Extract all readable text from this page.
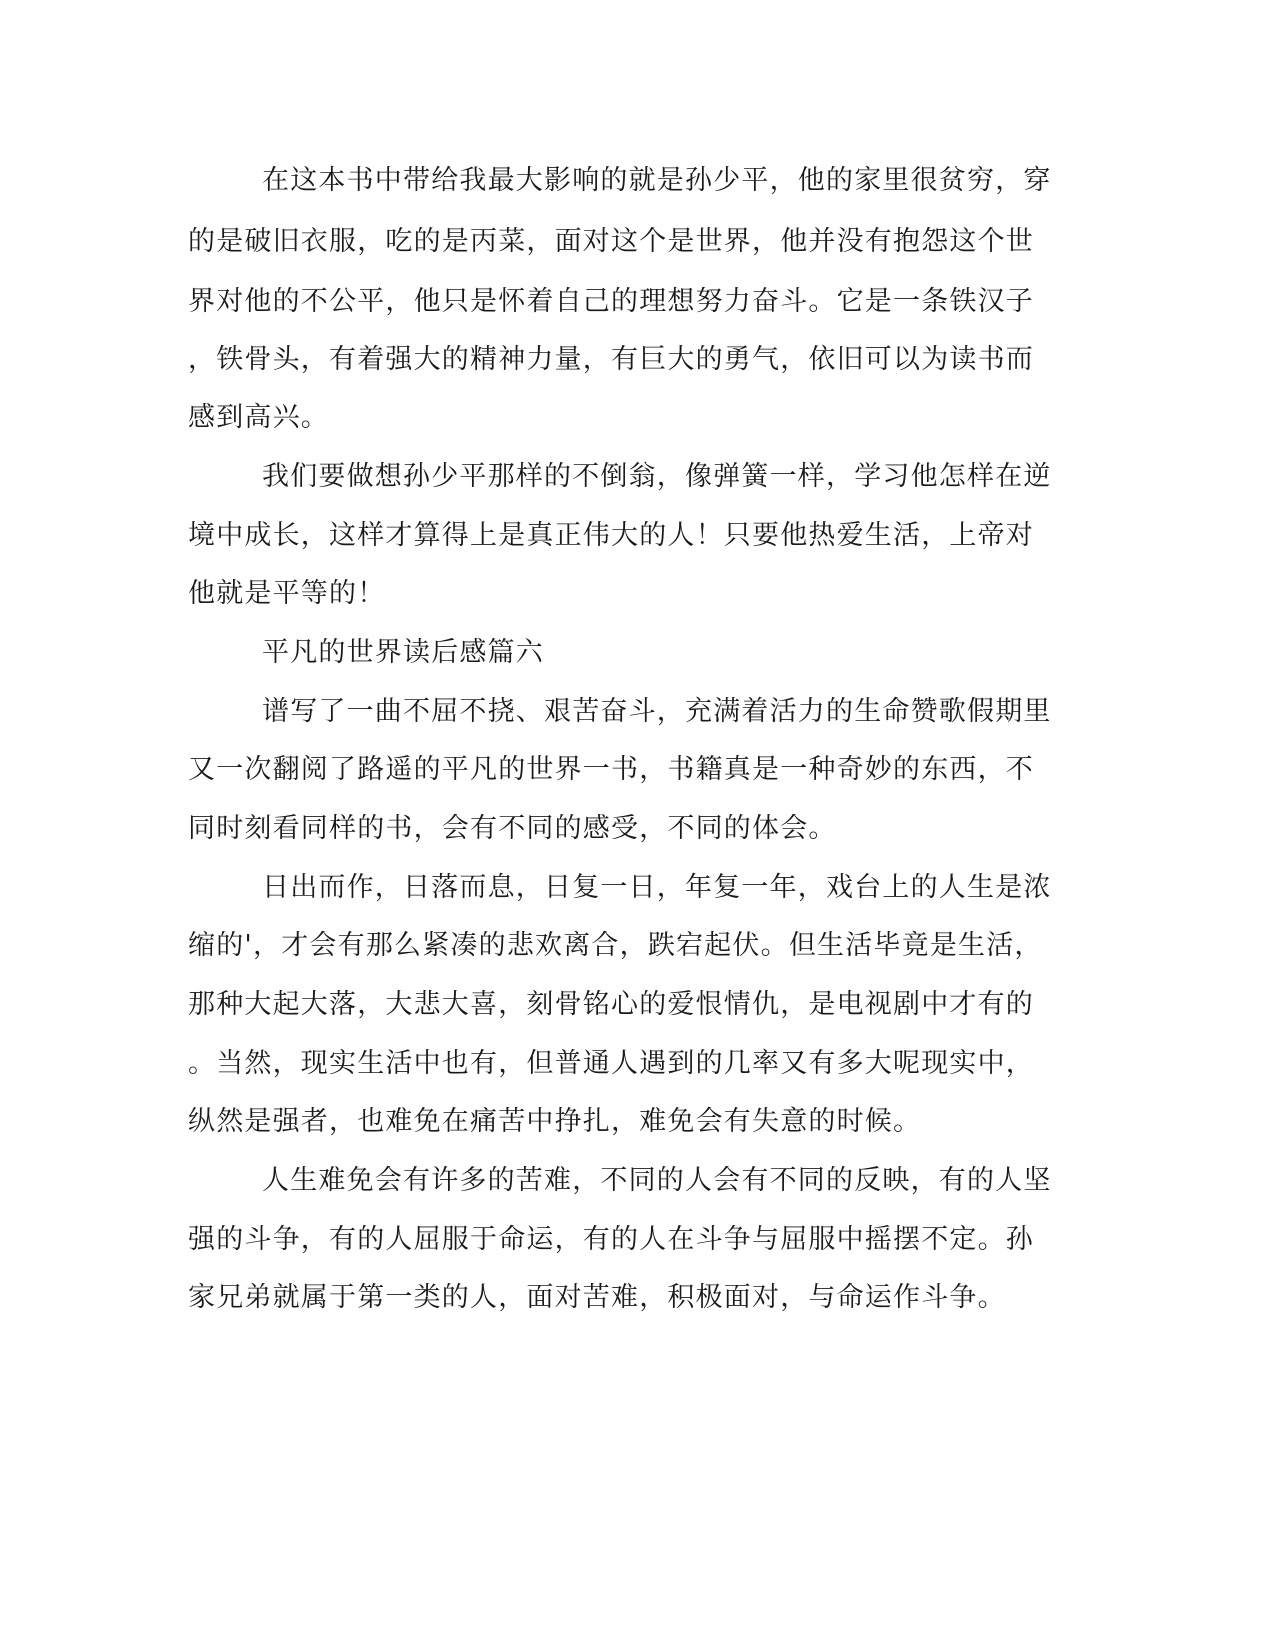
在这本书中带给我最大影响的就是孙少平，他的家里很贫穷，穿
的是破旧衣服，吃的是丙菜，面对这个是世界，他并没有抱怨这个世
界对他的不公平，他只是怀着自己的理想努力奋斗。它是一条铁汉子
，铁骨头，有着强大的精神力量，有巨大的勇气，依旧可以为读书而
感到高兴。
我们要做想孙少平那样的不倒翁，像弹簧一样，学习他怎样在逆
境中成长，这样才算得上是真正伟大的人！只要他热爱生活，上帝对
他就是平等的！
平凡的世界读后感篇六
谱写了一曲不屈不挠、艰苦奋斗，充满着活力的生命赞歌假期里
又一次翻阅了路遥的平凡的世界一书，书籍真是一种奇妙的东西，不
同时刻看同样的书，会有不同的感受，不同的体会。
日出而作，日落而息，日复一日，年复一年，戏台上的人生是浓
缩的'，才会有那么紧凑的悲欢离合，跌宕起伏。但生活毕竟是生活，
那种大起大落，大悲大喜，刻骨铭心的爱恨情仇，是电视剧中才有的
。当然，现实生活中也有，但普通人遇到的几率又有多大呢现实中，
纵然是强者，也难免在痛苦中挣扎，难免会有失意的时候。
人生难免会有许多的苦难，不同的人会有不同的反映，有的人坚
强的斗争，有的人屈服于命运，有的人在斗争与屈服中摇摆不定。孙
家兄弟就属于第一类的人，面对苦难，积极面对，与命运作斗争。
